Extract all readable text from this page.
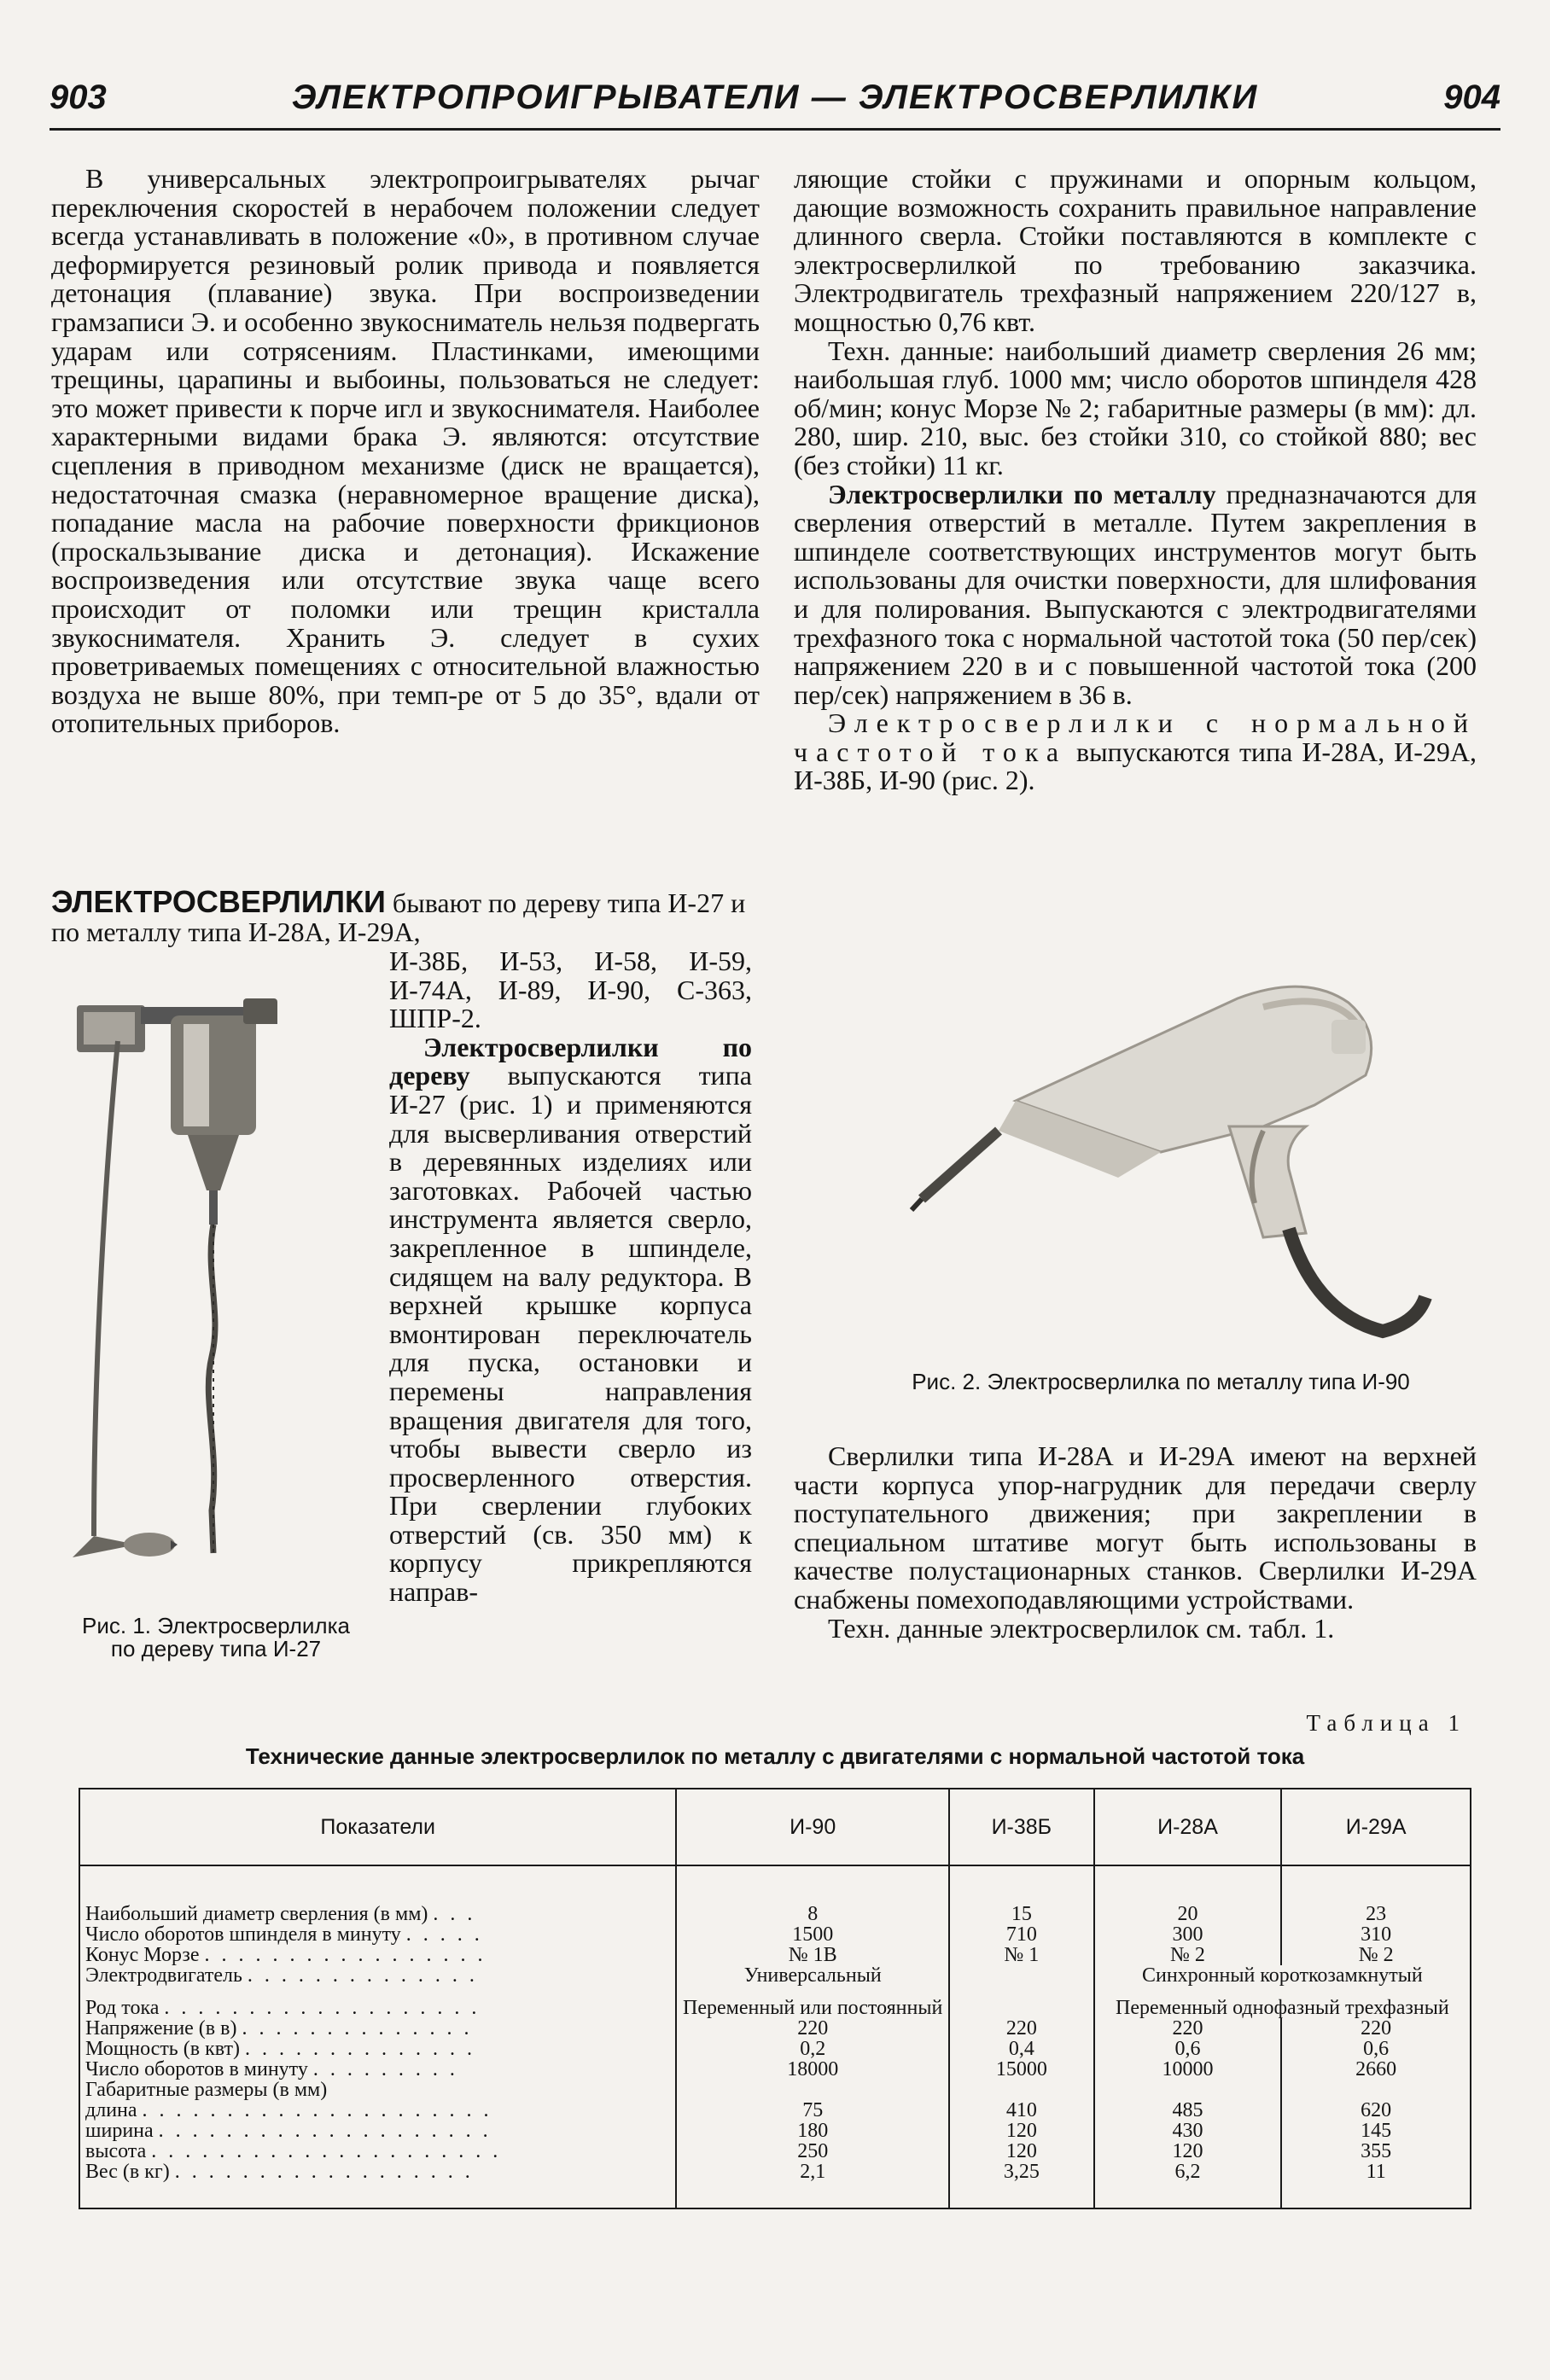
903	ЭЛЕКТРОПРОИГРЫВАТЕЛИ — ЭЛЕКТРОСВЕРЛИЛКИ	904

В универсальных электропроигрывателях рычаг переключения скоростей в нерабочем положении следует всегда устанавливать в положение «0», в противном случае деформируется резиновый ролик привода и появляется детонация (плавание) звука. При воспроизведении грамзаписи Э. и особенно звукосниматель нельзя подвергать ударам или сотрясениям. Пластинками, имеющими трещины, царапины и выбоины, пользоваться не следует: это может привести к порче игл и звукоснимателя. Наиболее характерными видами брака Э. являются: отсутствие сцепления в приводном механизме (диск не вращается), недостаточная смазка (неравномерное вращение диска), попадание масла на рабочие поверхности фрикционов (проскальзывание диска и детонация). Искажение воспроизведения или отсутствие звука чаще всего происходит от поломки или трещин кристалла звукоснимателя. Хранить Э. следует в сухих проветриваемых помещениях с относительной влажностью воздуха не выше 80%, при темп-ре от 5 до 35°, вдали от отопительных приборов.

ЭЛЕКТРОСВЕРЛИЛКИ бывают по дереву типа И-27 и по металлу типа И-28А, И-29А,

И-38Б, И-53, И-58, И-59, И-74А, И-89, И-90, С-363, ШПР-2.

Электросверлилки по дереву выпускаются типа И-27 (рис. 1) и применяются для высверливания отверстий в деревянных изделиях или заготовках. Рабочей частью инструмента является сверло, закрепленное в шпинделе, сидящем на валу редуктора. В верхней крышке корпуса вмонтирован переключатель для пуска, остановки и перемены направления вращения двигателя для того, чтобы вывести сверло из просверленного отверстия. При сверлении глубоких отверстий (св. 350 мм) к корпусу прикрепляются направ-

Рис. 1. Электросверлилка по дереву типа И-27

ляющие стойки с пружинами и опорным кольцом, дающие возможность сохранить правильное направление длинного сверла. Стойки поставляются в комплекте с электросверлилкой по требованию заказчика. Электродвигатель трехфазный напряжением 220/127 в, мощностью 0,76 квт.

Техн. данные: наибольший диаметр сверления 26 мм; наибольшая глуб. 1000 мм; число оборотов шпинделя 428 об/мин; конус Морзе № 2; габаритные размеры (в мм): дл. 280, шир. 210, выс. без стойки 310, со стойкой 880; вес (без стойки) 11 кг.

Электросверлилки по металлу предназначаются для сверления отверстий в металле. Путем закрепления в шпинделе соответствующих инструментов могут быть использованы для очистки поверхности, для шлифования и для полирования. Выпускаются с электродвигателями трехфазного тока с нормальной частотой тока (50 пер/сек) напряжением 220 в и с повышенной частотой тока (200 пер/сек) напряжением в 36 в.

Электросверлилки с нормальной частотой тока выпускаются типа И-28А, И-29А, И-38Б, И-90 (рис. 2).

Рис. 2. Электросверлилка по металлу типа И-90

Сверлилки типа И-28А и И-29А имеют на верхней части корпуса упор-нагрудник для передачи сверлу поступательного движения; при закреплении в специальном штативе могут быть использованы в качестве полустационарных станков. Сверлилки И-29А снабжены помехоподавляющими устройствами.

Техн. данные электросверлилок см. табл. 1.

Таблица 1
Технические данные электросверлилок по металлу с двигателями с нормальной частотой тока
Показатели	И-90	И-38Б	И-28А	И-29А
Наибольший диаметр сверления (в мм) . . .	8	15	20	23
Число оборотов шпинделя в минуту . . . . .	1500	710	300	310
Конус Морзе . . . . . . . . . . . . . . . . .	№ 1В	№ 1	№ 2	№ 2
Электродвигатель . . . . . . . . . . . . . .	Универсальный		Синхронный короткозамкнутый	
Род тока . . . . . . . . . . . . . . . . . . .	Переменный или постоянный		Переменный однофазный трехфазный	
Напряжение (в в) . . . . . . . . . . . . . .	220	220	220	220
Мощность (в квт) . . . . . . . . . . . . . .	0,2	0,4	0,6	0,6
Число оборотов в минуту . . . . . . . . .	18000	15000	10000	2660
Габаритные размеры (в мм)				
длина . . . . . . . . . . . . . . . . . . . . .	75	410	485	620
ширина . . . . . . . . . . . . . . . . . . . .	180	120	430	145
высота . . . . . . . . . . . . . . . . . . . . .	250	120	120	355
Вес (в кг) . . . . . . . . . . . . . . . . . .	2,1	3,25	6,2	11
